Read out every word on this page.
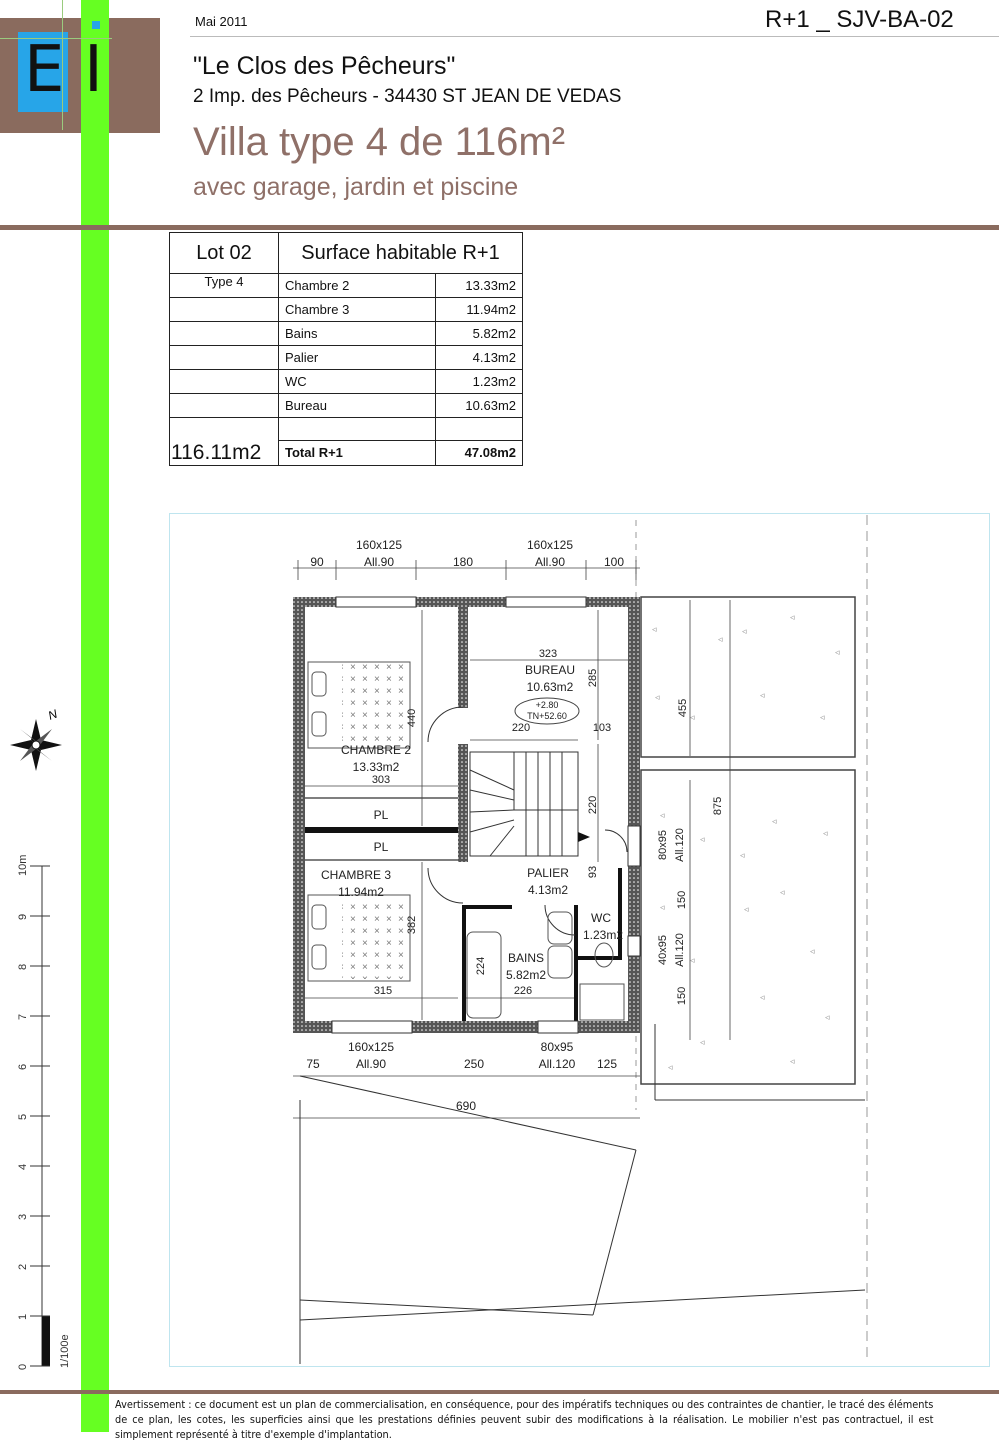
E I
Mai 2011	R+1 _ SJV-BA-02
"Le Clos des Pêcheurs"
2 Imp. des Pêcheurs - 34430 ST JEAN DE VEDAS
Villa type 4 de 116m²
avec garage, jardin et piscine
Lot 02	Surface habitable R+1	
Type 4	Chambre 2	13.33m2
	Chambre 3	11.94m2
	Bains	5.82m2
	Palier	4.13m2
	WC	1.23m2
	Bureau	10.63m2

116.11m2	Total R+1	47.08m2
◃
◃
◃
◃
◃
◃
◃
◃
◃
◃
◃
◃
◃
◃
◃
◃
◃
◃
◃
◃
◃
◃
◃
◃
160x125
All.90
160x125
All.90
90	180	100
160x125
All.90
80x95
All.120
75	250	125
690
323
BUREAU
10.63m2
+2.80
TN+52.60
220	103
CHAMBRE 2
13.33m2
303
PL
PL
CHAMBRE 3
11.94m2
315
PALIER
4.13m2
BAINS
5.82m2
226
WC
1.23m2
440
382
285
220
93
224
455
875
80x95 All.120
150
40x95 All.120
150
N
0
1
2
3
4
5
6
7
8
9
10m
1/100e
Avertissement : ce document est un plan de commercialisation, en conséquence, pour des impératifs techniques ou des contraintes de chantier, le tracé des éléments de ce plan, les cotes, les superficies ainsi que les prestations définies peuvent subir des modifications à la réalisation. Le mobilier n'est pas contractuel, il est simplement représenté à titre d'exemple d'implantation.
